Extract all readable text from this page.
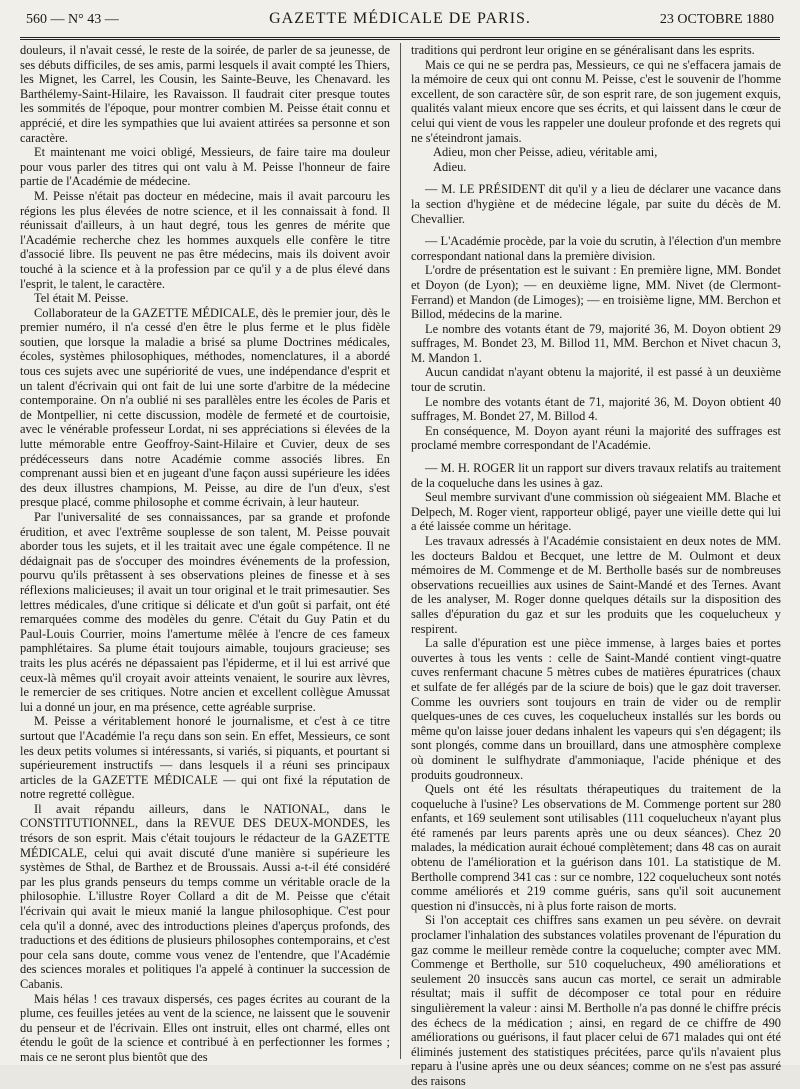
560 — N° 43 —	GAZETTE MÉDICALE DE PARIS.	23 OCTOBRE 1880

douleurs, il n'avait cessé, le reste de la soirée, de parler de sa jeunesse, de ses débuts difficiles, de ses amis, parmi lesquels il avait compté les Thiers, les Mignet, les Carrel, les Cousin, les Sainte-Beuve, les Chenavard. les Barthélemy-Saint-Hilaire, les Ravaisson. Il faudrait citer presque toutes les sommités de l'époque, pour montrer combien M. Peisse était connu et apprécié, et dire les sympathies que lui avaient attirées sa personne et son caractère.

Et maintenant me voici obligé, Messieurs, de faire taire ma douleur pour vous parler des titres qui ont valu à M. Peisse l'honneur de faire partie de l'Académie de médecine.

M. Peisse n'était pas docteur en médecine, mais il avait parcouru les régions les plus élevées de notre science, et il les connaissait à fond. Il réunissait d'ailleurs, à un haut degré, tous les genres de mérite que l'Académie recherche chez les hommes auxquels elle confère le titre d'associé libre. Ils peuvent ne pas être médecins, mais ils doivent avoir touché à la science et à la profession par ce qu'il y a de plus élevé dans l'esprit, le talent, le caractère.

Tel était M. Peisse.

Collaborateur de la GAZETTE MÉDICALE, dès le premier jour, dès le premier numéro, il n'a cessé d'en être le plus ferme et le plus fidèle soutien, que lorsque la maladie a brisé sa plume Doctrines médicales, écoles, systèmes philosophiques, méthodes, nomenclatures, il a abordé tous ces sujets avec une supériorité de vues, une indépendance d'esprit et un talent d'écrivain qui ont fait de lui une sorte d'arbitre de la médecine contemporaine. On n'a oublié ni ses parallèles entre les écoles de Paris et de Montpellier, ni cette discussion, modèle de fermeté et de courtoisie, avec le vénérable professeur Lordat, ni ses appréciations si élevées de la lutte mémorable entre Geoffroy-Saint-Hilaire et Cuvier, deux de ses prédécesseurs dans notre Académie comme associés libres. En comprenant aussi bien et en jugeant d'une façon aussi supérieure les idées des deux illustres champions, M. Peisse, au dire de l'un d'eux, s'est presque placé, comme philosophe et comme écrivain, à leur hauteur.

Par l'universalité de ses connaissances, par sa grande et profonde érudition, et avec l'extrême souplesse de son talent, M. Peisse pouvait aborder tous les sujets, et il les traitait avec une égale compétence. Il ne dédaignait pas de s'occuper des moindres événements de la profession, pourvu qu'ils prêtassent à ses observations pleines de finesse et à ses réflexions malicieuses; il avait un tour original et le trait primesautier. Ses lettres médicales, d'une critique si délicate et d'un goût si parfait, ont été remarquées comme des modèles du genre. C'était du Guy Patin et du Paul-Louis Courrier, moins l'amertume mêlée à l'encre de ces fameux pamphlétaires. Sa plume était toujours aimable, toujours gracieuse; ses traits les plus acérés ne dépassaient pas l'épiderme, et il lui est arrivé que ceux-là mêmes qu'il croyait avoir atteints venaient, le sourire aux lèvres, le remercier de ses critiques. Notre ancien et excellent collègue Amussat lui a donné un jour, en ma présence, cette agréable surprise.

M. Peisse a véritablement honoré le journalisme, et c'est à ce titre surtout que l'Académie l'a reçu dans son sein. En effet, Messieurs, ce sont les deux petits volumes si intéressants, si variés, si piquants, et pourtant si supérieurement instructifs — dans lesquels il a réuni ses principaux articles de la GAZETTE MÉDICALE — qui ont fixé la réputation de notre regretté collègue.

Il avait répandu ailleurs, dans le NATIONAL, dans le CONSTITUTIONNEL, dans la REVUE DES DEUX-MONDES, les trésors de son esprit. Mais c'était toujours le rédacteur de la GAZETTE MÉDICALE, celui qui avait discuté d'une manière si supérieure les systèmes de Sthal, de Barthez et de Broussais. Aussi a-t-il été considéré par les plus grands penseurs du temps comme un véritable oracle de la philosophie. L'illustre Royer Collard a dit de M. Peisse que c'était l'écrivain qui avait le mieux manié la langue philosophique. C'est pour cela qu'il a donné, avec des introductions pleines d'aperçus profonds, des traductions et des éditions de plusieurs philosophes contemporains, et c'est pour cela sans doute, comme vous venez de l'entendre, que l'Académie des sciences morales et politiques l'a appelé à continuer la succession de Cabanis.

Mais hélas ! ces travaux dispersés, ces pages écrites au courant de la plume, ces feuilles jetées au vent de la science, ne laissent que le souvenir du penseur et de l'écrivain. Elles ont instruit, elles ont charmé, elles ont étendu le goût de la science et contribué à en perfectionner les formes ; mais ce ne seront plus bientôt que des

traditions qui perdront leur origine en se généralisant dans les esprits.

Mais ce qui ne se perdra pas, Messieurs, ce qui ne s'effacera jamais de la mémoire de ceux qui ont connu M. Peisse, c'est le souvenir de l'homme excellent, de son caractère sûr, de son esprit rare, de son jugement exquis, qualités valant mieux encore que ses écrits, et qui laissent dans le cœur de celui qui vient de vous les rappeler une douleur profonde et des regrets qui ne s'éteindront jamais.

Adieu, mon cher Peisse, adieu, véritable ami,

Adieu.

— M. LE PRÉSIDENT dit qu'il y a lieu de déclarer une vacance dans la section d'hygiène et de médecine légale, par suite du décès de M. Chevallier.

— L'Académie procède, par la voie du scrutin, à l'élection d'un membre correspondant national dans la première division.

L'ordre de présentation est le suivant : En première ligne, MM. Bondet et Doyon (de Lyon); — en deuxième ligne, MM. Nivet (de Clermont-Ferrand) et Mandon (de Limoges); — en troisième ligne, MM. Berchon et Billod, médecins de la marine.

Le nombre des votants étant de 79, majorité 36, M. Doyon obtient 29 suffrages, M. Bondet 23, M. Billod 11, MM. Berchon et Nivet chacun 3, M. Mandon 1.

Aucun candidat n'ayant obtenu la majorité, il est passé à un deuxième tour de scrutin.

Le nombre des votants étant de 71, majorité 36, M. Doyon obtient 40 suffrages, M. Bondet 27, M. Billod 4.

En conséquence, M. Doyon ayant réuni la majorité des suffrages est proclamé membre correspondant de l'Académie.

— M. H. ROGER lit un rapport sur divers travaux relatifs au traitement de la coqueluche dans les usines à gaz.

Seul membre survivant d'une commission où siégeaient MM. Blache et Delpech, M. Roger vient, rapporteur obligé, payer une vieille dette qui lui a été laissée comme un héritage.

Les travaux adressés à l'Académie consistaient en deux notes de MM. les docteurs Baldou et Becquet, une lettre de M. Oulmont et deux mémoires de M. Commenge et de M. Bertholle basés sur de nombreuses observations recueillies aux usines de Saint-Mandé et des Ternes. Avant de les analyser, M. Roger donne quelques détails sur la disposition des salles d'épuration du gaz et sur les produits que les coquelucheux y respirent.

La salle d'épuration est une pièce immense, à larges baies et portes ouvertes à tous les vents : celle de Saint-Mandé contient vingt-quatre cuves renfermant chacune 5 mètres cubes de matières épuratrices (chaux et sulfate de fer allégés par de la sciure de bois) que le gaz doit traverser. Comme les ouvriers sont toujours en train de vider ou de remplir quelques-unes de ces cuves, les coquelucheux installés sur les bords ou même qu'on laisse jouer dedans inhalent les vapeurs qui s'en dégagent; ils sont plongés, comme dans un brouillard, dans une atmosphère complexe où dominent le sulfhydrate d'ammoniaque, l'acide phénique et des produits goudronneux.

Quels ont été les résultats thérapeutiques du traitement de la coqueluche à l'usine? Les observations de M. Commenge portent sur 280 enfants, et 169 seulement sont utilisables (111 coquelucheux n'ayant plus été ramenés par leurs parents après une ou deux séances). Chez 20 malades, la médication aurait échoué complètement; dans 48 cas on aurait obtenu de l'amélioration et la guérison dans 101. La statistique de M. Bertholle comprend 341 cas : sur ce nombre, 122 coquelucheux sont notés comme améliorés et 219 comme guéris, sans qu'il soit aucunement question ni d'insuccès, ni à plus forte raison de morts.

Si l'on acceptait ces chiffres sans examen un peu sévère. on devrait proclamer l'inhalation des substances volatiles provenant de l'épuration du gaz comme le meilleur remède contre la coqueluche; compter avec MM. Commenge et Bertholle, sur 510 coquelucheux, 490 améliorations et seulement 20 insuccès sans aucun cas mortel, ce serait un admirable résultat; mais il suffit de décomposer ce total pour en réduire singulièrement la valeur : ainsi M. Bertholle n'a pas donné le chiffre précis des échecs de la médication ; ainsi, en regard de ce chiffre de 490 améliorations ou guérisons, il faut placer celui de 671 malades qui ont été éliminés justement des statistiques précitées, parce qu'ils n'avaient plus reparu à l'usine après une ou deux séances; comme on ne s'est pas assuré des raisons
